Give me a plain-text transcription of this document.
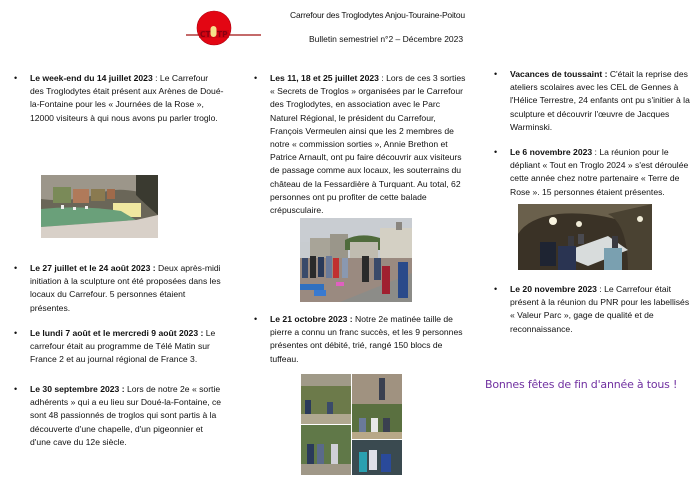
CT TP
Carrefour des Troglodytes Anjou-Touraine-Poitou
Bulletin semestriel n°2 – Décembre 2023
• Le week-end du 14 juillet 2023 : Le Carrefour des Troglodytes était présent aux Arènes de Doué-la-Fontaine pour les « Journées de la Rose », 12000 visiteurs à qui nous avons pu parler troglo.
• Le 27 juillet et le 24 août 2023 : Deux après-midi initiation à la sculpture ont été proposées dans les locaux du Carrefour. 5 personnes étaient présentes.
• Le lundi 7 août et le mercredi 9 août 2023 : Le carrefour était au programme de Télé Matin sur France 2 et au journal régional de France 3.
• Le 30 septembre 2023 : Lors de notre 2e « sortie adhérents » qui a eu lieu sur Doué-la-Fontaine, ce sont 48 passionnés de troglos qui sont partis à la découverte d'une chapelle, d'un pigeonnier et d'une cave du 12e siècle.
• Les 11, 18 et 25 juillet 2023 : Lors de ces 3 sorties « Secrets de Troglos » organisées par le Carrefour des Troglodytes, en association avec le Parc Naturel Régional, le président du Carrefour, François Vermeulen ainsi que les 2 membres de notre « commission sorties », Annie Brethon et Patrice Arnault, ont pu faire découvrir aux visiteurs de passage comme aux locaux, les souterrains du château de la Fessardière à Turquant. Au total, 62 personnes ont pu profiter de cette balade crépusculaire.
• Le 21 octobre 2023 : Notre 2e matinée taille de pierre a connu un franc succès, et les 9 personnes présentes ont débité, trié, rangé 150 blocs de tuffeau.
• Vacances de toussaint : C'était la reprise des ateliers scolaires avec les CEL de Gennes à l'Hélice Terrestre, 24 enfants ont pu s'initier à la sculpture et découvrir l'œuvre de Jacques Warminski.
• Le 6 novembre 2023 : La réunion pour le dépliant « Tout en Troglo 2024 » s'est déroulée cette année chez notre partenaire « Terre de Rose ». 15 personnes étaient présentes.
• Le 20 novembre 2023 : Le Carrefour était présent à la réunion du PNR pour les labellisés « Valeur Parc », gage de qualité et de reconnaissance.
Bonnes fêtes de fin d'année à tous !
